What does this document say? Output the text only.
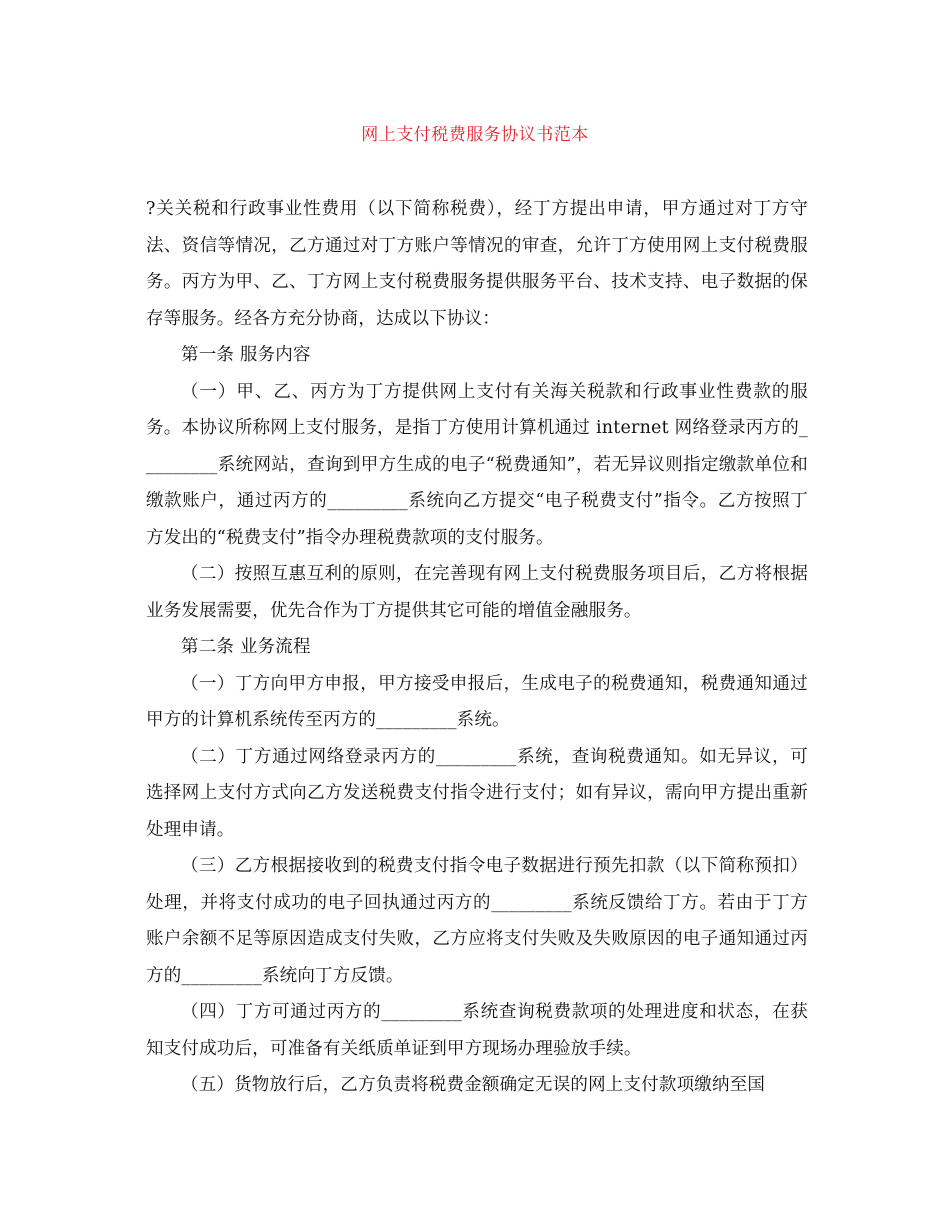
网上支付税费服务协议书范本

?关关税和行政事业性费用（以下简称税费），经丁方提出申请，甲方通过对丁方守法、资信等情况，乙方通过对丁方账户等情况的审查，允许丁方使用网上支付税费服务。丙方为甲、乙、丁方网上支付税费服务提供服务平台、技术支持、电子数据的保存等服务。经各方充分协商，达成以下协议：

第一条 服务内容

（一）甲、乙、丙方为丁方提供网上支付有关海关税款和行政事业性费款的服务。本协议所称网上支付服务，是指丁方使用计算机通过 internet 网络登录丙方的_________系统网站，查询到甲方生成的电子“税费通知”，若无异议则指定缴款单位和缴款账户，通过丙方的_________系统向乙方提交“电子税费支付”指令。乙方按照丁方发出的“税费支付”指令办理税费款项的支付服务。

（二）按照互惠互利的原则，在完善现有网上支付税费服务项目后，乙方将根据业务发展需要，优先合作为丁方提供其它可能的增值金融服务。

第二条 业务流程

（一）丁方向甲方申报，甲方接受申报后，生成电子的税费通知，税费通知通过甲方的计算机系统传至丙方的_________系统。

（二）丁方通过网络登录丙方的_________系统，查询税费通知。如无异议，可选择网上支付方式向乙方发送税费支付指令进行支付；如有异议，需向甲方提出重新处理申请。

（三）乙方根据接收到的税费支付指令电子数据进行预先扣款（以下简称预扣）处理，并将支付成功的电子回执通过丙方的_________系统反馈给丁方。若由于丁方账户余额不足等原因造成支付失败，乙方应将支付失败及失败原因的电子通知通过丙方的_________系统向丁方反馈。

（四）丁方可通过丙方的_________系统查询税费款项的处理进度和状态，在获知支付成功后，可准备有关纸质单证到甲方现场办理验放手续。

（五）货物放行后，乙方负责将税费金额确定无误的网上支付款项缴纳至国
